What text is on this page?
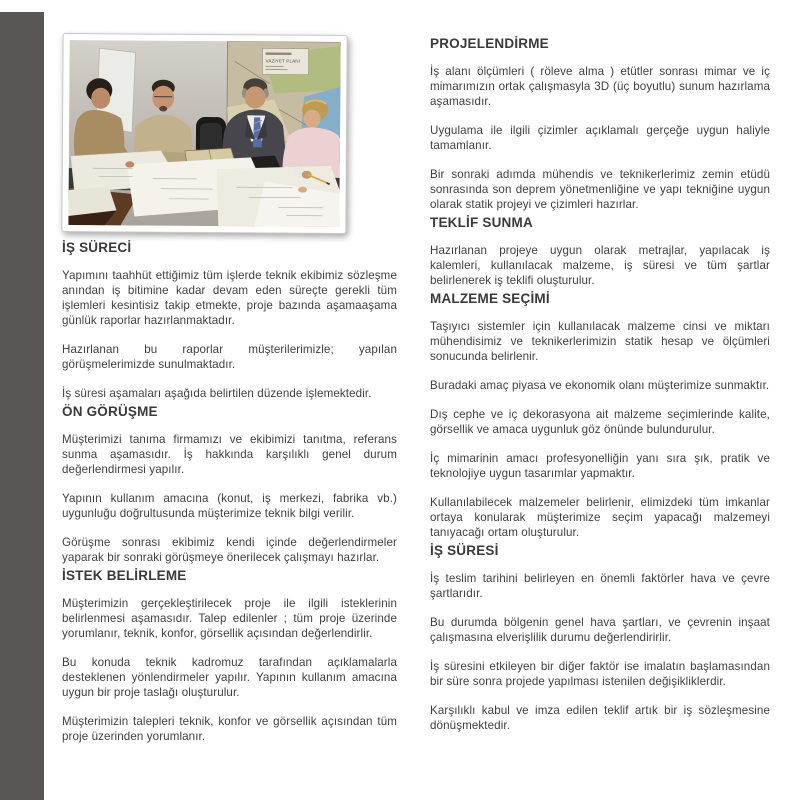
VAZİYET PLANI
İŞ SÜRECİ

Yapımını taahhüt ettiğimiz tüm işlerde teknik ekibimiz sözleşme anından iş bitimine kadar devam eden süreçte gerekli tüm işlemleri kesintisiz takip etmekte, proje bazında aşamaaşama günlük raporlar hazırlanmaktadır.

Hazırlanan bu raporlar müşterilerimizle; yapılan görüşmelerimizde sunulmaktadır.

İş süresi aşamaları aşağıda belirtilen düzende işlemektedir.

ÖN GÖRÜŞME

Müşterimizi tanıma firmamızı ve ekibimizi tanıtma, referans sunma aşamasıdır. İş hakkında karşılıklı genel durum değerlendirmesi yapılır.

Yapının kullanım amacına (konut, iş merkezi, fabrika vb.) uygunluğu doğrultusunda müşterimize teknik bilgi verilir.

Görüşme sonrası ekibimiz kendi içinde değerlendirmeler yaparak bir sonraki görüşmeye önerilecek çalışmayı hazırlar.

İSTEK BELİRLEME

Müşterimizin gerçekleştirilecek proje ile ilgili isteklerinin belirlenmesi aşamasıdır. Talep edilenler ; tüm proje üzerinde yorumlanır, teknik, konfor, görsellik açısından değerlendirlir.

Bu konuda teknik kadromuz tarafından açıklamalarla desteklenen yönlendirmeler yapılır. Yapının kullanım amacına uygun bir proje taslağı oluşturulur.

Müşterimizin talepleri teknik, konfor ve görsellik açısından tüm proje üzerinden yorumlanır.

PROJELENDİRME

İş alanı ölçümleri ( röleve alma ) etütler sonrası mimar ve iç mimarımızın ortak çalışmasyla 3D (üç boyutlu) sunum hazırlama aşamasıdır.

Uygulama ile ilgili çizimler açıklamalı gerçeğe uygun haliyle tamamlanır.

Bir sonraki adımda mühendis ve teknikerlerimiz zemin etüdü sonrasında son deprem yönetmenliğine ve yapı tekniğine uygun olarak statik projeyi ve çizimleri hazırlar.

TEKLİF SUNMA

Hazırlanan projeye uygun olarak metrajlar, yapılacak iş kalemleri, kullanılacak malzeme, iş süresi ve tüm şartlar belirlenerek iş teklifi oluşturulur.

MALZEME SEÇİMİ

Taşıyıcı sistemler için kullanılacak malzeme cinsi ve miktarı mühendisimiz ve teknikerlerimizin statik hesap ve ölçümleri sonucunda belirlenir.

Buradaki amaç piyasa ve ekonomik olanı müşterimize sunmaktır.

Dış cephe ve iç dekorasyona ait malzeme seçimlerinde kalite, görsellik ve amaca uygunluk göz önünde bulundurulur.

İç mimarinin amacı profesyonelliğin yanı sıra şık, pratik ve teknolojiye uygun tasarımlar yapmaktır.

Kullanılabilecek malzemeler belirlenir, elimizdeki tüm imkanlar ortaya konularak müşterimize seçim yapacağı malzemeyi tanıyacağı ortam oluşturulur.

İŞ SÜRESİ

İş teslim tarihini belirleyen en önemli faktörler hava ve çevre şartlarıdır.

Bu durumda bölgenin genel hava şartları, ve çevrenin inşaat çalışmasına elverişlilik durumu değerlendirirlir.

İş süresini etkileyen bir diğer faktör ise imalatın başlamasından bir süre sonra projede yapılması istenilen değişikliklerdir.

Karşılıklı kabul ve imza edilen teklif artık bir iş sözleşmesine dönüşmektedir.
